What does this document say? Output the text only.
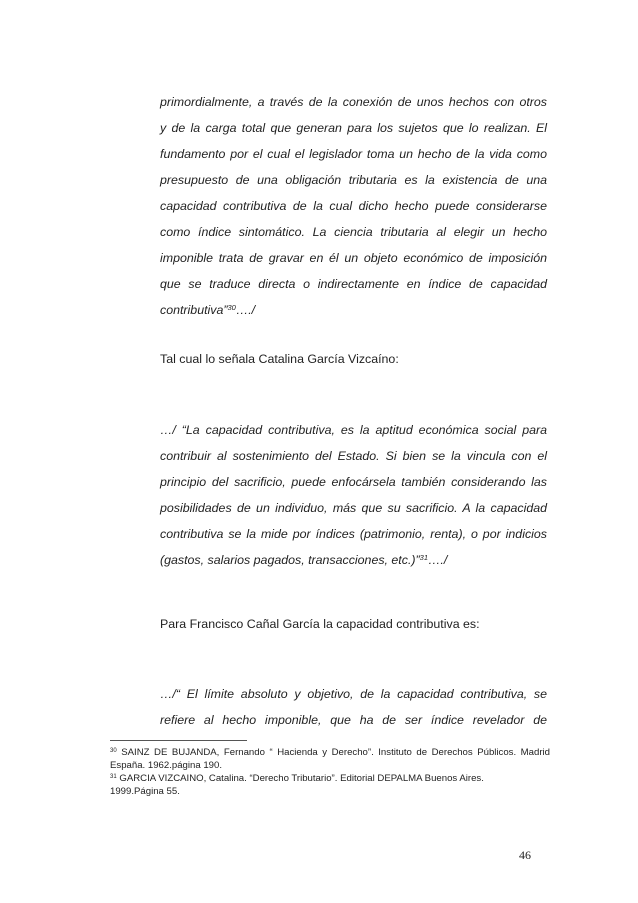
primordialmente, a través de la conexión de unos hechos con otros
y de la carga total que generan para los sujetos que lo realizan. El
fundamento por el cual el legislador toma un hecho de la vida como
presupuesto de una obligación tributaria es la existencia de una
capacidad contributiva de la cual dicho hecho puede considerarse
como índice sintomático. La ciencia tributaria al elegir un hecho
imponible trata de gravar en él un objeto económico de imposición
que se traduce directa o indirectamente en índice de capacidad
contributiva”$^{30}$…./
Tal cual lo señala Catalina García Vizcaíno:
…/ “La capacidad contributiva, es la aptitud económica social para
contribuir al sostenimiento del Estado. Si bien se la vincula con el
principio del sacrificio, puede enfocársela también considerando las
posibilidades de un individuo, más que su sacrificio. A la capacidad
contributiva se la mide por índices (patrimonio, renta), o por indicios
(gastos, salarios pagados, transacciones, etc.)”$^{31}$…./
Para Francisco Cañal García la capacidad contributiva es:
…/“ El límite absoluto y objetivo, de la capacidad contributiva, se
refiere al hecho imponible, que ha de ser índice revelador de
$^{30}$ SAINZ DE BUJANDA, Fernando “ Hacienda y Derecho”. Instituto de Derechos Públicos. Madrid
España. 1962.página 190.
$^{31}$ GARCIA VIZCAINO, Catalina. “Derecho Tributario”. Editorial DEPALMA Buenos Aires.
1999.Página 55.
46
